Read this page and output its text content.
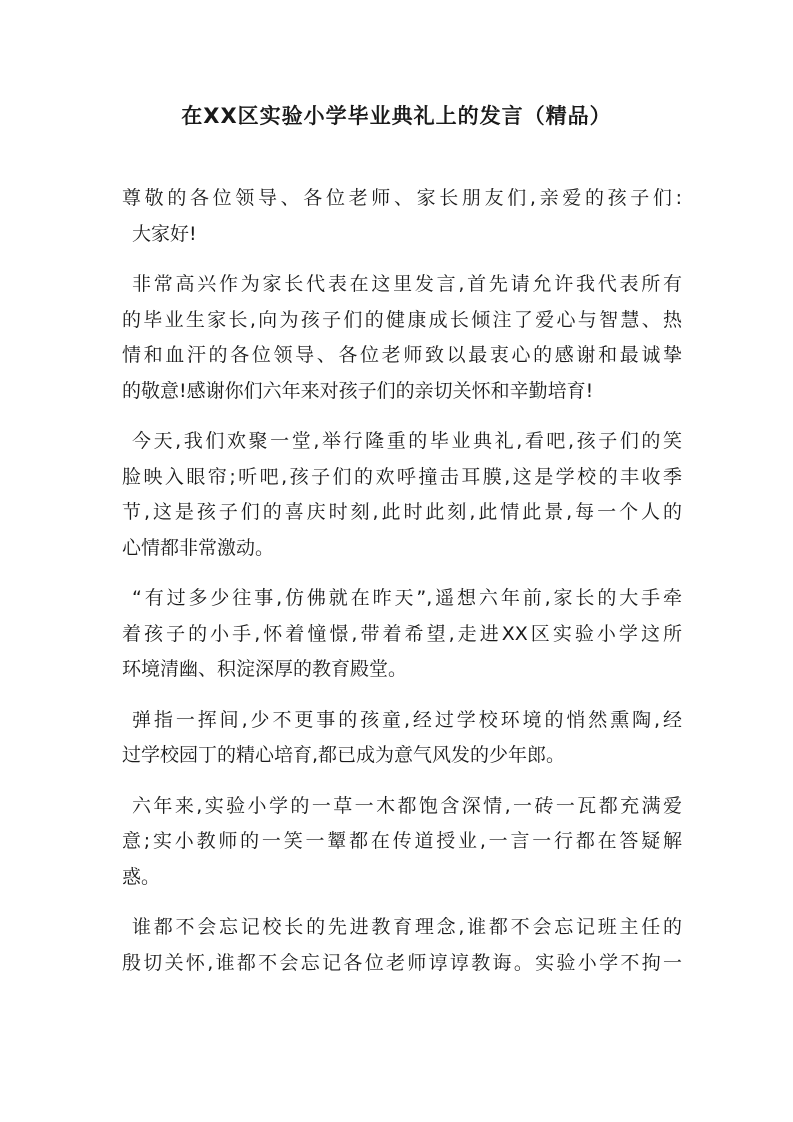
在XX区实验小学毕业典礼上的发言（精品）
尊敬的各位领导、各位老师、家长朋友们,亲爱的孩子们:
大家好!
非常高兴作为家长代表在这里发言,首先请允许我代表所有
的毕业生家长,向为孩子们的健康成长倾注了爱心与智慧、热
情和血汗的各位领导、各位老师致以最衷心的感谢和最诚挚
的敬意!感谢你们六年来对孩子们的亲切关怀和辛勤培育!
今天,我们欢聚一堂,举行隆重的毕业典礼,看吧,孩子们的笑
脸映入眼帘;听吧,孩子们的欢呼撞击耳膜,这是学校的丰收季
节,这是孩子们的喜庆时刻,此时此刻,此情此景,每一个人的
心情都非常激动。
“有过多少往事,仿佛就在昨天”,遥想六年前,家长的大手牵
着孩子的小手,怀着憧憬,带着希望,走进XX区实验小学这所
环境清幽、积淀深厚的教育殿堂。
弹指一挥间,少不更事的孩童,经过学校环境的悄然熏陶,经
过学校园丁的精心培育,都已成为意气风发的少年郎。
六年来,实验小学的一草一木都饱含深情,一砖一瓦都充满爱
意;实小教师的一笑一颦都在传道授业,一言一行都在答疑解
惑。
谁都不会忘记校长的先进教育理念,谁都不会忘记班主任的
殷切关怀,谁都不会忘记各位老师谆谆教诲。实验小学不拘一
